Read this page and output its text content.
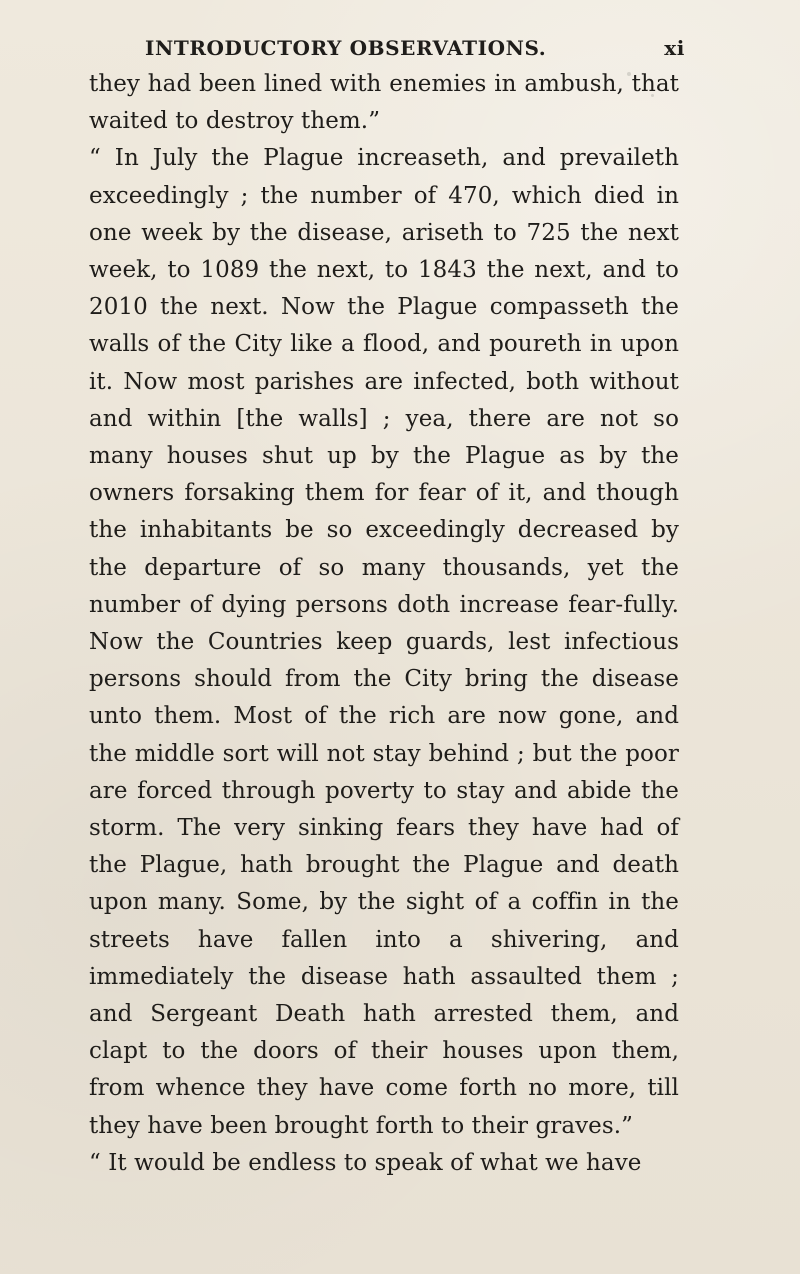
INTRODUCTORY OBSERVATIONS.	xi

they had been lined with enemies in ambush, that waited to destroy them.”

“ In July the Plague increaseth, and prevaileth exceedingly ; the number of 470, which died in one week by the disease, ariseth to 725 the next week, to 1089 the next, to 1843 the next, and to 2010 the next. Now the Plague compasseth the walls of the City like a flood, and poureth in upon it. Now most parishes are infected, both without and within [the walls] ; yea, there are not so many houses shut up by the Plague as by the owners forsaking them for fear of it, and though the inhabitants be so exceedingly decreased by the departure of so many thousands, yet the number of dying persons doth increase fear-fully. Now the Countries keep guards, lest infectious persons should from the City bring the disease unto them. Most of the rich are now gone, and the middle sort will not stay behind ; but the poor are forced through poverty to stay and abide the storm. The very sinking fears they have had of the Plague, hath brought the Plague and death upon many. Some, by the sight of a coffin in the streets have fallen into a shivering, and immediately the disease hath assaulted them ; and Sergeant Death hath arrested them, and clapt to the doors of their houses upon them, from whence they have come forth no more, till they have been brought forth to their graves.”

“ It would be endless to speak of what we have
